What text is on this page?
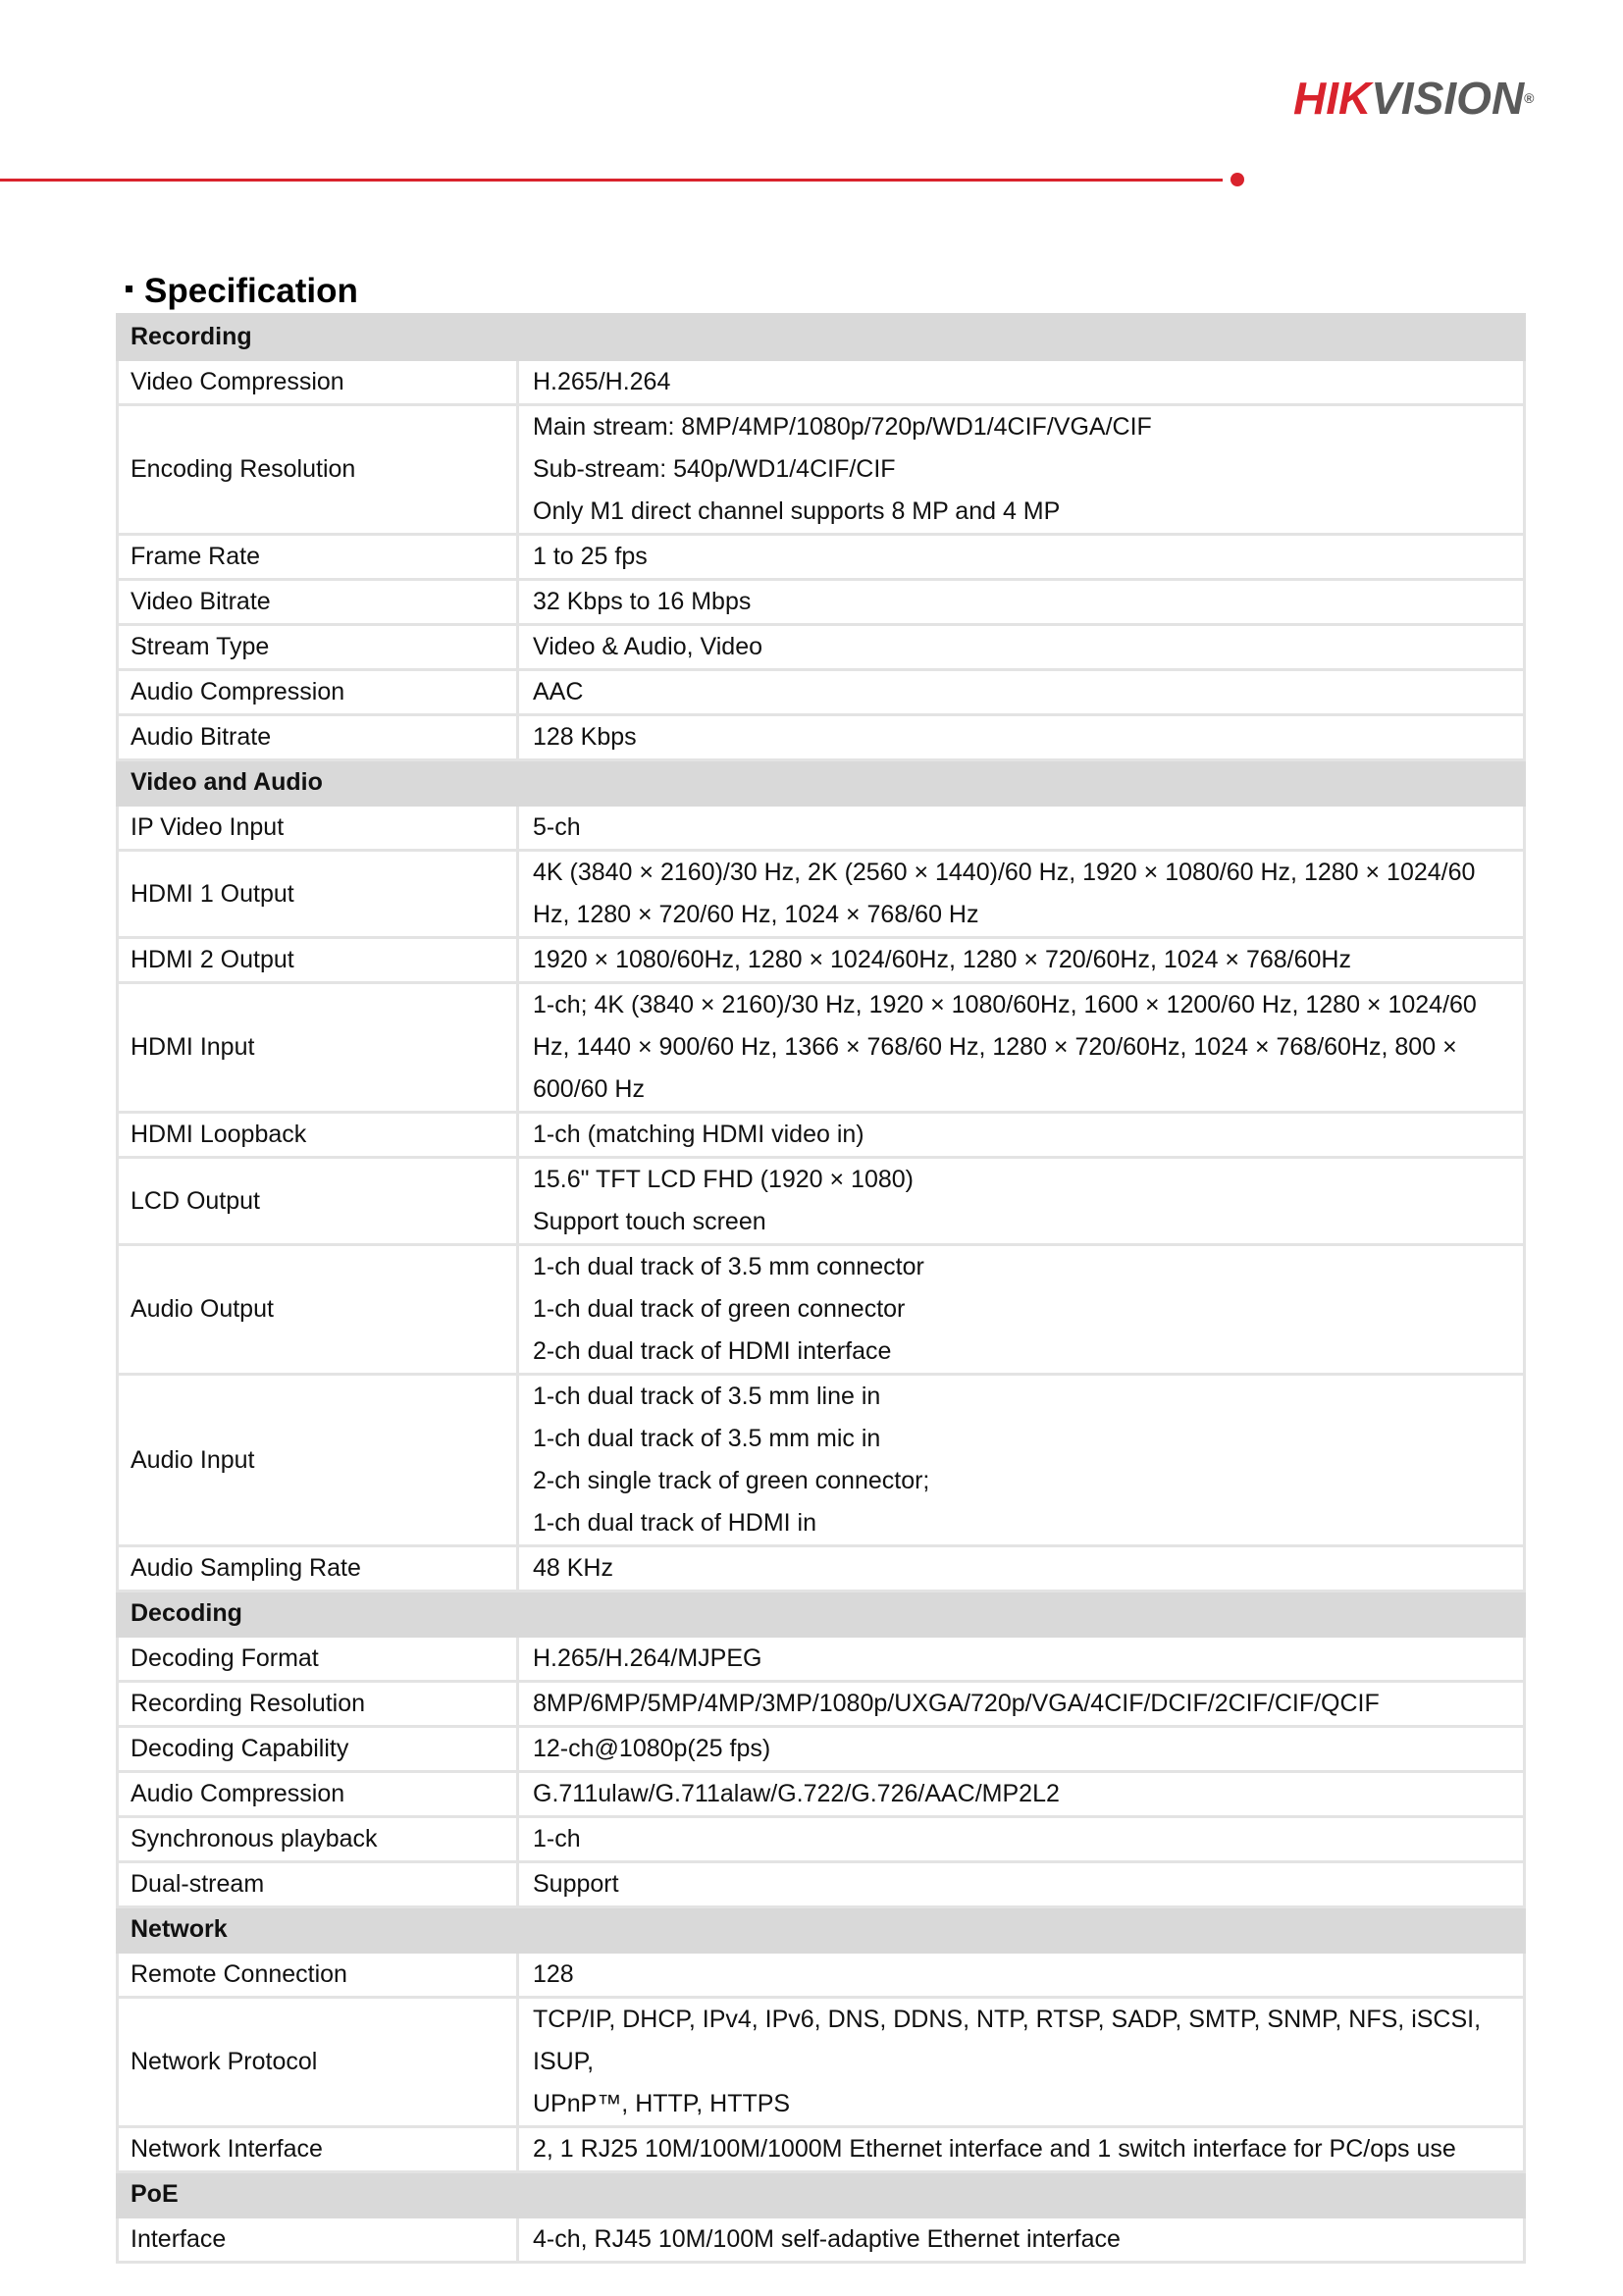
HIKVISION®
Specification
Recording	
Video Compression	H.265/H.264

Encoding Resolution	Main stream: 8MP/4MP/1080p/720p/WD1/4CIF/VGA/CIF
Sub-stream: 540p/WD1/4CIF/CIF
Only M1 direct channel supports 8 MP and 4 MP

Frame Rate	1 to 25 fps

Video Bitrate	32 Kbps to 16 Mbps

Stream Type	Video & Audio, Video

Audio Compression	AAC

Audio Bitrate	128 Kbps

Video and Audio	
IP Video Input	5-ch

HDMI 1 Output	4K (3840 × 2160)/30 Hz, 2K (2560 × 1440)/60 Hz, 1920 × 1080/60 Hz, 1280 × 1024/60
Hz, 1280 × 720/60 Hz, 1024 × 768/60 Hz

HDMI 2 Output	1920 × 1080/60Hz, 1280 × 1024/60Hz, 1280 × 720/60Hz, 1024 × 768/60Hz

HDMI Input	1-ch; 4K (3840 × 2160)/30 Hz, 1920 × 1080/60Hz, 1600 × 1200/60 Hz, 1280 × 1024/60
Hz, 1440 × 900/60 Hz, 1366 × 768/60 Hz, 1280 × 720/60Hz, 1024 × 768/60Hz, 800 ×
600/60 Hz

HDMI Loopback	1-ch (matching HDMI video in)

LCD Output	15.6" TFT LCD FHD (1920 × 1080)
Support touch screen

Audio Output	1-ch dual track of 3.5 mm connector
1-ch dual track of green connector
2-ch dual track of HDMI interface

Audio Input	1-ch dual track of 3.5 mm line in
1-ch dual track of 3.5 mm mic in
2-ch single track of green connector;
1-ch dual track of HDMI in

Audio Sampling Rate	48 KHz

Decoding	
Decoding Format	H.265/H.264/MJPEG

Recording Resolution	8MP/6MP/5MP/4MP/3MP/1080p/UXGA/720p/VGA/4CIF/DCIF/2CIF/CIF/QCIF

Decoding Capability	12-ch@1080p(25 fps)

Audio Compression	G.711ulaw/G.711alaw/G.722/G.726/AAC/MP2L2

Synchronous playback	1-ch

Dual-stream	Support

Network	
Remote Connection	128

Network Protocol	TCP/IP, DHCP, IPv4, IPv6, DNS, DDNS, NTP, RTSP, SADP, SMTP, SNMP, NFS, iSCSI, ISUP,
UPnP™, HTTP, HTTPS

Network Interface	2, 1 RJ25 10M/100M/1000M Ethernet interface and 1 switch interface for PC/ops use

PoE	
Interface	4-ch, RJ45 10M/100M self-adaptive Ethernet interface
